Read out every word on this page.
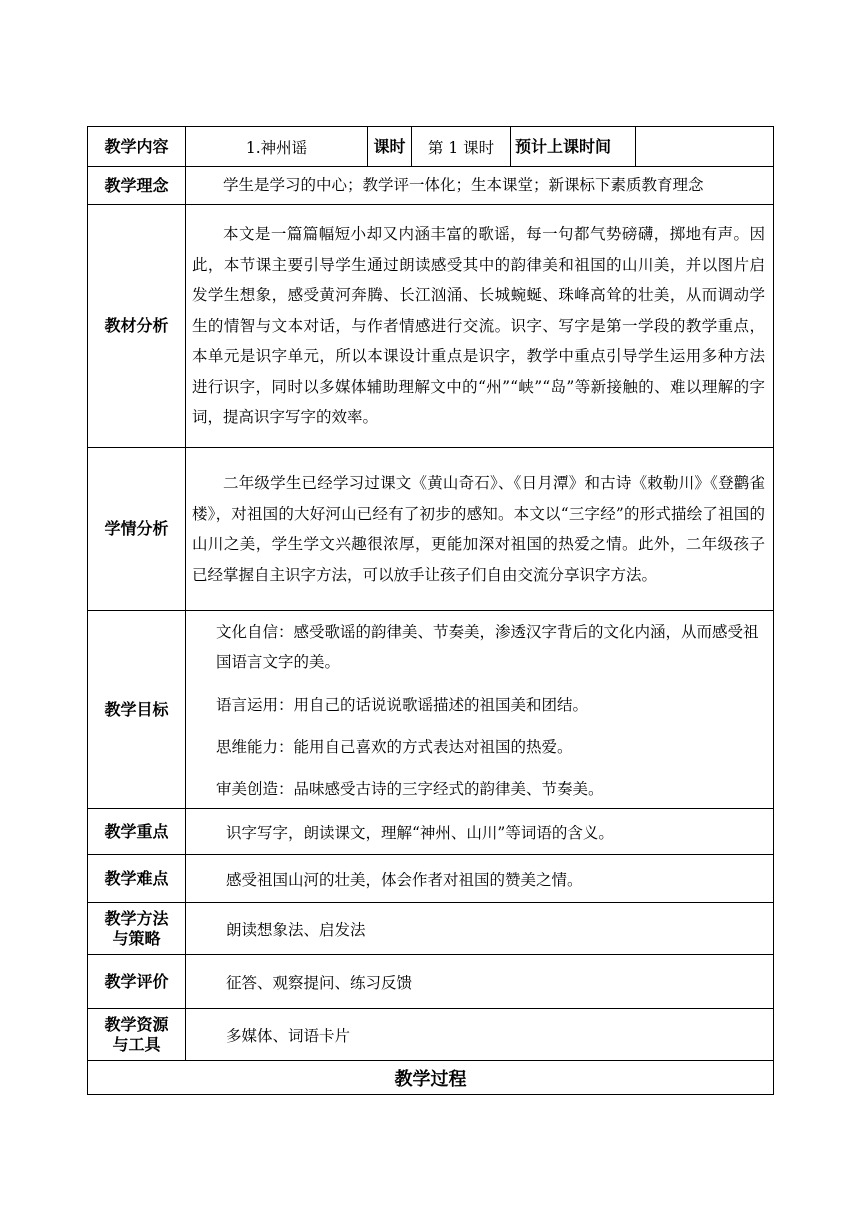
教学内容	1.神州谣	课时	第 1 课时	预计上课时间	
教学理念	学生是学习的中心；教学评一体化；生本课堂；新课标下素质教育理念				
教材分析	本文是一篇篇幅短小却又内涵丰富的歌谣，每一句都气势磅礴，掷地有声。因此，本节课主要引导学生通过朗读感受其中的韵律美和祖国的山川美，并以图片启发学生想象，感受黄河奔腾、长江汹涌、长城蜿蜒、珠峰高耸的壮美，从而调动学生的情智与文本对话，与作者情感进行交流。识字、写字是第一学段的教学重点，本单元是识字单元，所以本课设计重点是识字，教学中重点引导学生运用多种方法进行识字，同时以多媒体辅助理解文中的“州”“峡”“岛”等新接触的、难以理解的字词，提高识字写字的效率。				
学情分析	二年级学生已经学习过课文《黄山奇石》、《日月潭》和古诗《敕勒川》《登鹳雀楼》，对祖国的大好河山已经有了初步的感知。本文以“三字经”的形式描绘了祖国的山川之美，学生学文兴趣很浓厚，更能加深对祖国的热爱之情。此外，二年级孩子已经掌握自主识字方法，可以放手让孩子们自由交流分享识字方法。				
教学目标	文化自信：感受歌谣的韵律美、节奏美，渗透汉字背后的文化内涵，从而感受祖国语言文字的美。

语言运用：用自己的话说说歌谣描述的祖国美和团结。

思维能力：能用自己喜欢的方式表达对祖国的热爱。

审美创造：品味感受古诗的三字经式的韵律美、节奏美。				

教学重点	识字写字，朗读课文，理解“神州、山川”等词语的含义。				
教学难点	感受祖国山河的壮美，体会作者对祖国的赞美之情。				

教学方法
与策略	朗读想象法、启发法				
教学评价	征答、观察提问、练习反馈				

教学资源
与工具	多媒体、词语卡片				
教学过程					
